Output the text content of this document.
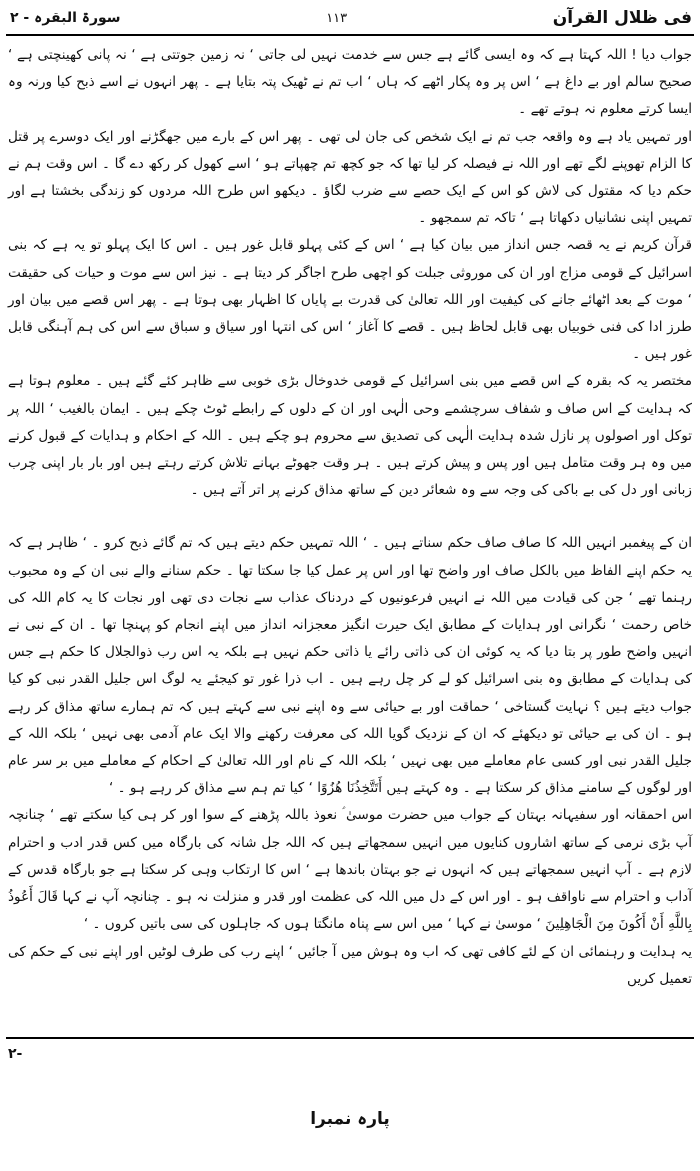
فی ظلال القرآن
۱۱۳
سورۃ البقرہ - ۲

جواب دیا ! اللہ کہتا ہے کہ وہ ایسی گائے ہے جس سے خدمت نہیں لی جاتی ‘ نہ زمین جوتتی ہے ‘ نہ پانی کھینچتی ہے ‘ صحیح سالم اور بے داغ ہے ‘ اس پر وہ پکار اٹھے کہ ہاں ‘ اب تم نے ٹھیک پتہ بتایا ہے ۔ پھر انہوں نے اسے ذبح کیا ورنہ وہ ایسا کرتے معلوم نہ ہوتے تھے ۔

اور تمہیں یاد ہے وہ واقعہ جب تم نے ایک شخص کی جان لی تھی ۔ پھر اس کے بارے میں جھگڑنے اور ایک دوسرے پر قتل کا الزام تھوپنے لگے تھے اور اللہ نے فیصلہ کر لیا تھا کہ جو کچھ تم چھپاتے ہو ‘ اسے کھول کر رکھ دے گا ۔ اس وقت ہم نے حکم دیا کہ مقتول کی لاش کو اس کے ایک حصے سے ضرب لگاؤ ۔ دیکھو اس طرح اللہ مردوں کو زندگی بخشتا ہے اور تمہیں اپنی نشانیاں دکھاتا ہے ‘ تاکہ تم سمجھو ۔

قرآن کریم نے یہ قصہ جس انداز میں بیان کیا ہے ‘ اس کے کئی پہلو قابل غور ہیں ۔ اس کا ایک پہلو تو یہ ہے کہ بنی اسرائیل کے قومی مزاج اور ان کی موروثی جبلت کو اچھی طرح اجاگر کر دیتا ہے ۔ نیز اس سے موت و حیات کی حقیقت ‘ موت کے بعد اٹھائے جانے کی کیفیت اور اللہ تعالیٰ کی قدرت بے پایاں کا اظہار بھی ہوتا ہے ۔ پھر اس قصے میں بیان اور طرز ادا کی فنی خوبیاں بھی قابل لحاظ ہیں ۔ قصے کا آغاز ‘ اس کی انتہا اور سیاق و سباق سے اس کی ہم آہنگی قابل غور ہیں ۔

مختصر یہ کہ بقرہ کے اس قصے میں بنی اسرائیل کے قومی خدوخال بڑی خوبی سے ظاہر کئے گئے ہیں ۔ معلوم ہوتا ہے کہ ہدایت کے اس صاف و شفاف سرچشمے وحی الٰہی اور ان کے دلوں کے رابطے ٹوٹ چکے ہیں ۔ ایمان بالغیب ‘ اللہ پر توکل اور اصولوں پر نازل شدہ ہدایت الٰہی کی تصدیق سے محروم ہو چکے ہیں ۔ اللہ کے احکام و ہدایات کے قبول کرنے میں وہ ہر وقت متامل ہیں اور پس و پیش کرتے ہیں ۔ ہر وقت جھوٹے بہانے تلاش کرتے رہتے ہیں اور بار بار اپنی چرب زبانی اور دل کی بے باکی کی وجہ سے وہ شعائر دین کے ساتھ مذاق کرنے پر اتر آتے ہیں ۔

ان کے پیغمبر انہیں اللہ کا صاف صاف حکم سناتے ہیں ۔ ‘ اللہ تمہیں حکم دیتے ہیں کہ تم گائے ذبح کرو ۔ ‘ ظاہر ہے کہ یہ حکم اپنے الفاظ میں بالکل صاف اور واضح تھا اور اس پر عمل کیا جا سکتا تھا ۔ حکم سنانے والے نبی ان کے وہ محبوب رہنما تھے ‘ جن کی قیادت میں اللہ نے انہیں فرعونیوں کے دردناک عذاب سے نجات دی تھی اور نجات کا یہ کام اللہ کی خاص رحمت ‘ نگرانی اور ہدایات کے مطابق ایک حیرت انگیز معجزانہ انداز میں اپنے انجام کو پہنچا تھا ۔ ان کے نبی نے انہیں واضح طور پر بتا دیا کہ یہ کوئی ان کی ذاتی رائے یا ذاتی حکم نہیں ہے بلکہ یہ اس رب ذوالجلال کا حکم ہے جس کی ہدایات کے مطابق وہ بنی اسرائیل کو لے کر چل رہے ہیں ۔ اب ذرا غور تو کیجئے یہ لوگ اس جلیل القدر نبی کو کیا جواب دیتے ہیں ؟ نہایت گستاخی ‘ حماقت اور بے حیائی سے وہ اپنے نبی سے کہتے ہیں کہ تم ہمارے ساتھ مذاق کر رہے ہو ۔ ان کی بے حیائی تو دیکھئے کہ ان کے نزدیک گویا اللہ کی معرفت رکھنے والا ایک عام آدمی بھی نہیں ‘ بلکہ اللہ کے جلیل القدر نبی اور کسی عام معاملے میں بھی نہیں ‘ بلکہ اللہ کے نام اور اللہ تعالیٰ کے احکام کے معاملے میں بر سر عام اور لوگوں کے سامنے مذاق کر سکتا ہے ۔ وہ کہتے ہیں أَتَتَّخِذُنَا هُزُوًا ‘ کیا تم ہم سے مذاق کر رہے ہو ۔ ‘

اس احمقانہ اور سفیہانہ بہتان کے جواب میں حضرت موسیٰ ؑ نعوذ باللہ پڑھنے کے سوا اور کر ہی کیا سکتے تھے ‘ چنانچہ آپ بڑی نرمی کے ساتھ اشاروں کنایوں میں انہیں سمجھاتے ہیں کہ اللہ جل شانہ کی بارگاہ میں کس قدر ادب و احترام لازم ہے ۔ آپ انہیں سمجھاتے ہیں کہ انہوں نے جو بہتان باندھا ہے ‘ اس کا ارتکاب وہی کر سکتا ہے جو بارگاہ قدس کے آداب و احترام سے ناواقف ہو ۔ اور اس کے دل میں اللہ کی عظمت اور قدر و منزلت نہ ہو ۔ چنانچہ آپ نے کہا قَالَ أَعُوذُ بِاللَّهِ أَنْ أَكُونَ مِنَ الْجَاهِلِينَ ‘ موسیٰ نے کہا ‘ میں اس سے پناہ مانگتا ہوں کہ جاہلوں کی سی باتیں کروں ۔ ‘

یہ ہدایت و رہنمائی ان کے لئے کافی تھی کہ اب وہ ہوش میں آ جائیں ‘ اپنے رب کی طرف لوٹیں اور اپنے نبی کے حکم کی تعمیل کریں

۲-
پارہ نمبرا
